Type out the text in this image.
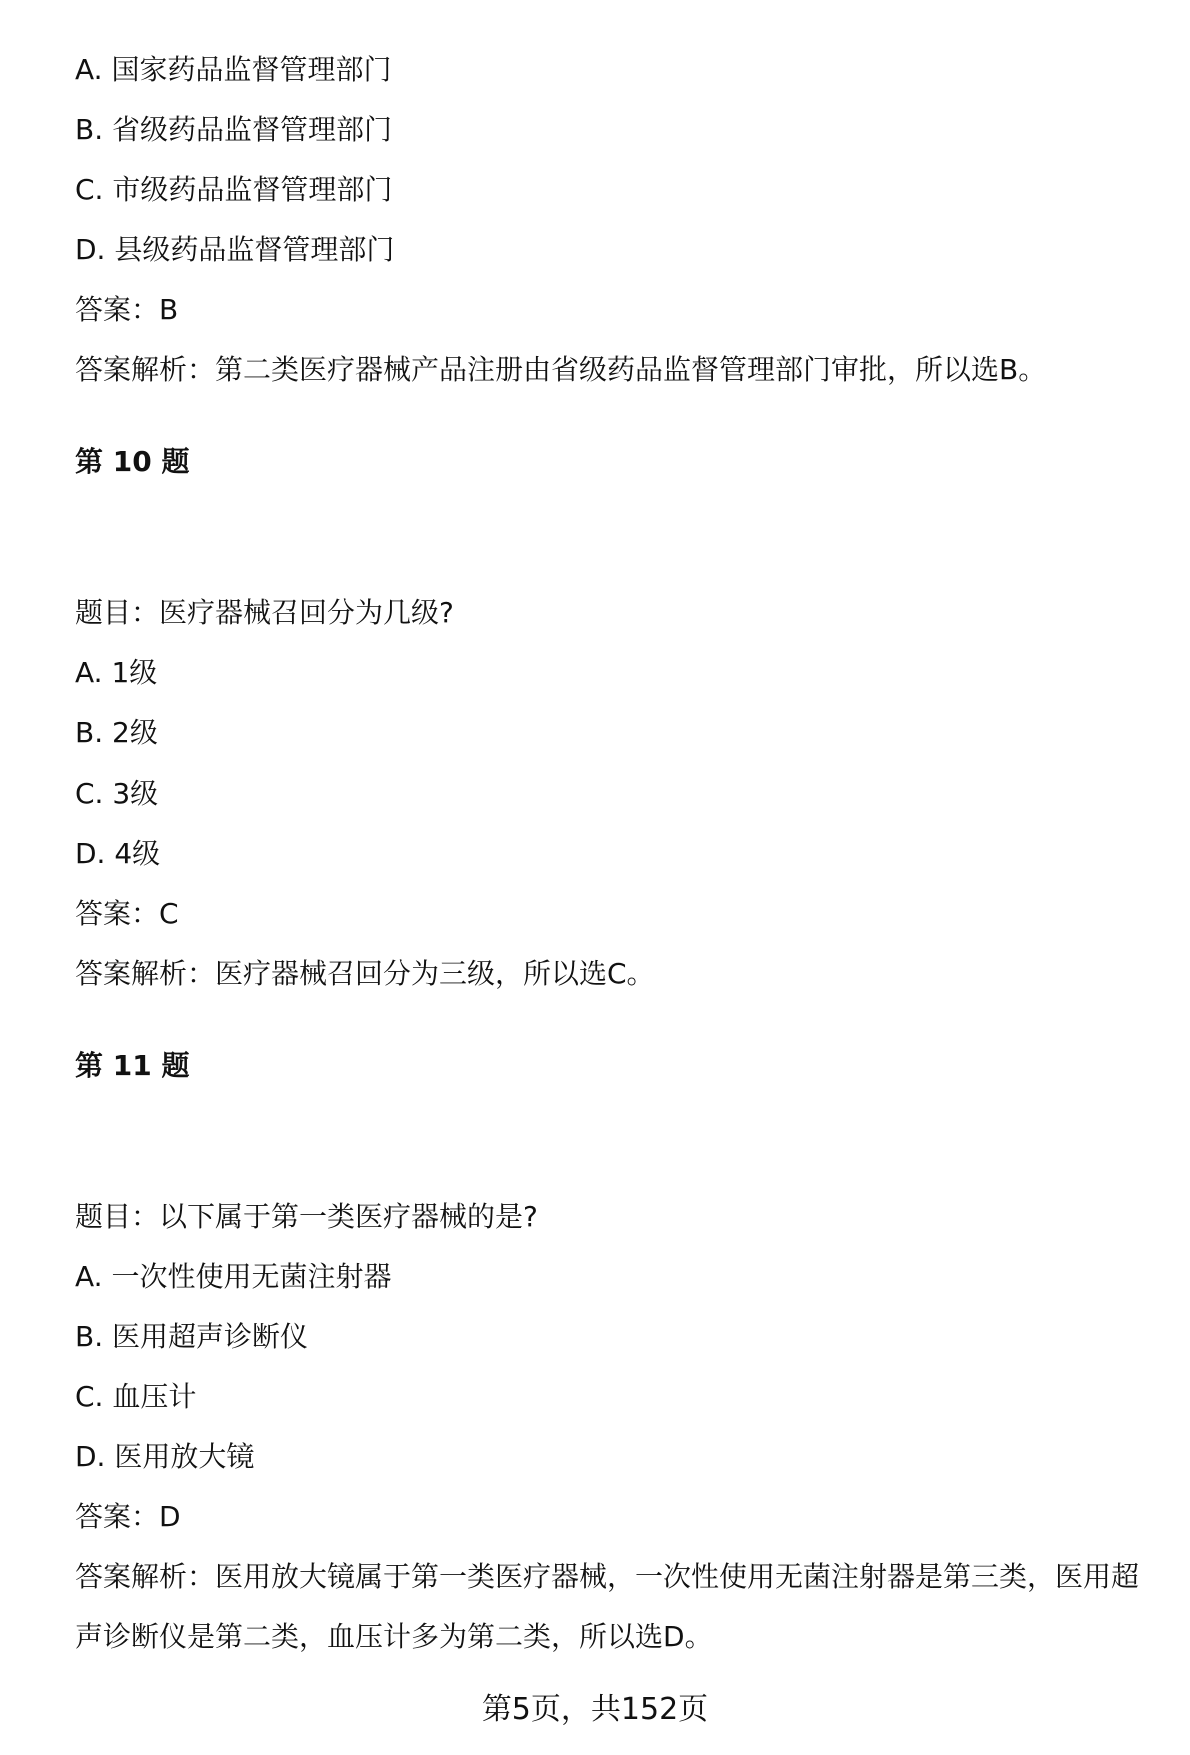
A. 国家药品监督管理部门
B. 省级药品监督管理部门
C. 市级药品监督管理部门
D. 县级药品监督管理部门
答案：B
答案解析：第二类医疗器械产品注册由省级药品监督管理部门审批，所以选B。
第 10 题
题目：医疗器械召回分为几级?
A. 1级
B. 2级
C. 3级
D. 4级
答案：C
答案解析：医疗器械召回分为三级，所以选C。
第 11 题
题目：以下属于第一类医疗器械的是?
A. 一次性使用无菌注射器
B. 医用超声诊断仪
C. 血压计
D. 医用放大镜
答案：D
答案解析：医用放大镜属于第一类医疗器械，一次性使用无菌注射器是第三类，医用超声诊断仪是第二类，血压计多为第二类，所以选D。
第5页，共152页
